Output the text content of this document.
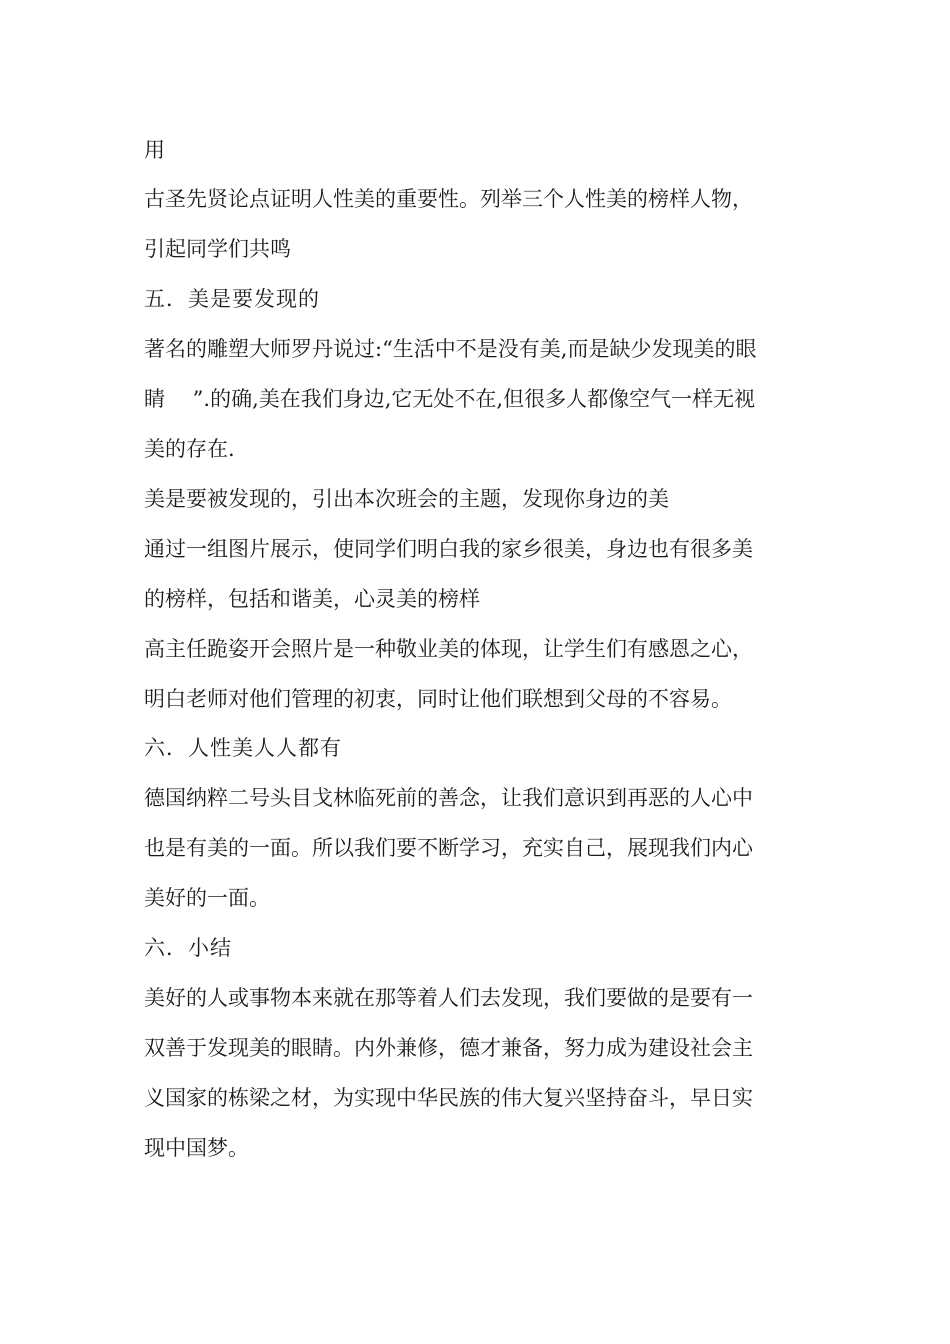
用
古圣先贤论点证明人性美的重要性。列举三个人性美的榜样人物，
引起同学们共鸣
五．美是要发现的
著名的雕塑大师罗丹说过:“生活中不是没有美,而是缺少发现美的眼
睛　 ”.的确,美在我们身边,它无处不在,但很多人都像空气一样无视
美的存在.
美是要被发现的，引出本次班会的主题，发现你身边的美
通过一组图片展示，使同学们明白我的家乡很美，身边也有很多美
的榜样，包括和谐美，心灵美的榜样
高主任跪姿开会照片是一种敬业美的体现，让学生们有感恩之心，
明白老师对他们管理的初衷，同时让他们联想到父母的不容易。
六．人性美人人都有
德国纳粹二号头目戈林临死前的善念，让我们意识到再恶的人心中
也是有美的一面。所以我们要不断学习，充实自己，展现我们内心
美好的一面。
六．小结
美好的人或事物本来就在那等着人们去发现，我们要做的是要有一
双善于发现美的眼睛。内外兼修，德才兼备，努力成为建设社会主
义国家的栋梁之材，为实现中华民族的伟大复兴坚持奋斗，早日实
现中国梦。
